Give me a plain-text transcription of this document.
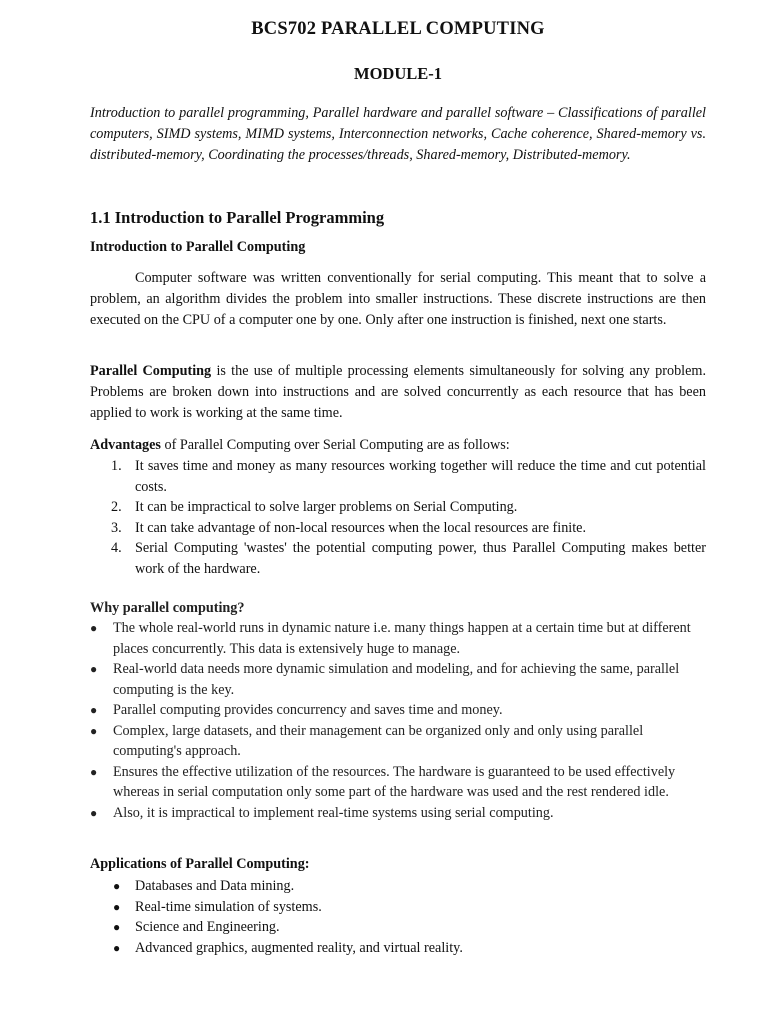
BCS702 PARALLEL COMPUTING
MODULE-1

Introduction to parallel programming, Parallel hardware and parallel software – Classifications of parallel computers, SIMD systems, MIMD systems, Interconnection networks, Cache coherence, Shared-memory vs. distributed-memory, Coordinating the processes/threads, Shared-memory, Distributed-memory.

1.1 Introduction to Parallel Programming
Introduction to Parallel Computing

Computer software was written conventionally for serial computing. This meant that to solve a problem, an algorithm divides the problem into smaller instructions. These discrete instructions are then executed on the CPU of a computer one by one. Only after one instruction is finished, next one starts.

Parallel Computing is the use of multiple processing elements simultaneously for solving any problem. Problems are broken down into instructions and are solved concurrently as each resource that has been applied to work is working at the same time.

Advantages of Parallel Computing over Serial Computing are as follows:

1. It saves time and money as many resources working together will reduce the time and cut potential costs.
2. It can be impractical to solve larger problems on Serial Computing.
3. It can take advantage of non-local resources when the local resources are finite.
4. Serial Computing 'wastes' the potential computing power, thus Parallel Computing makes better work of the hardware.
Why parallel computing?
● The whole real-world runs in dynamic nature i.e. many things happen at a certain time but at different places concurrently. This data is extensively huge to manage.
● Real-world data needs more dynamic simulation and modeling, and for achieving the same, parallel computing is the key.
● Parallel computing provides concurrency and saves time and money.
● Complex, large datasets, and their management can be organized only and only using parallel computing's approach.
● Ensures the effective utilization of the resources. The hardware is guaranteed to be used effectively whereas in serial computation only some part of the hardware was used and the rest rendered idle.
● Also, it is impractical to implement real-time systems using serial computing.
Applications of Parallel Computing:
● Databases and Data mining.
● Real-time simulation of systems.
● Science and Engineering.
● Advanced graphics, augmented reality, and virtual reality.
